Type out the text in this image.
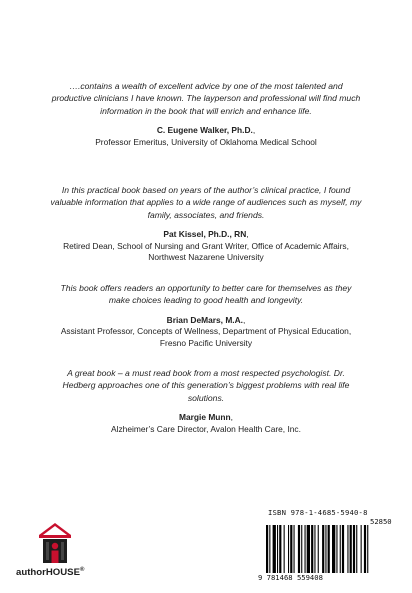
….contains a wealth of excellent advice by one of the most talented and productive clinicians I have known. The layperson and professional will find much information in the book that will enrich and enhance life.
C. Eugene Walker, Ph.D.,
Professor Emeritus, University of Oklahoma Medical School
In this practical book based on years of the author’s clinical practice, I found valuable information that applies to a wide range of audiences such as myself, my family, associates, and friends.
Pat Kissel, Ph.D., RN,
Retired Dean, School of Nursing and Grant Writer, Office of Academic Affairs, Northwest Nazarene University
This book offers readers an opportunity to better care for themselves as they make choices leading to good health and longevity.
Brian DeMars, M.A.,
Assistant Professor, Concepts of Wellness, Department of Physical Education, Fresno Pacific University
A great book – a must read book from a most respected psychologist. Dr. Hedberg approaches one of this generation’s biggest problems with real life solutions.
Margie Munn,
Alzheimer’s Care Director, Avalon Health Care, Inc.
authorHOUSE®
ISBN 978-1-4685-5940-8
52850
9 781468 559408
